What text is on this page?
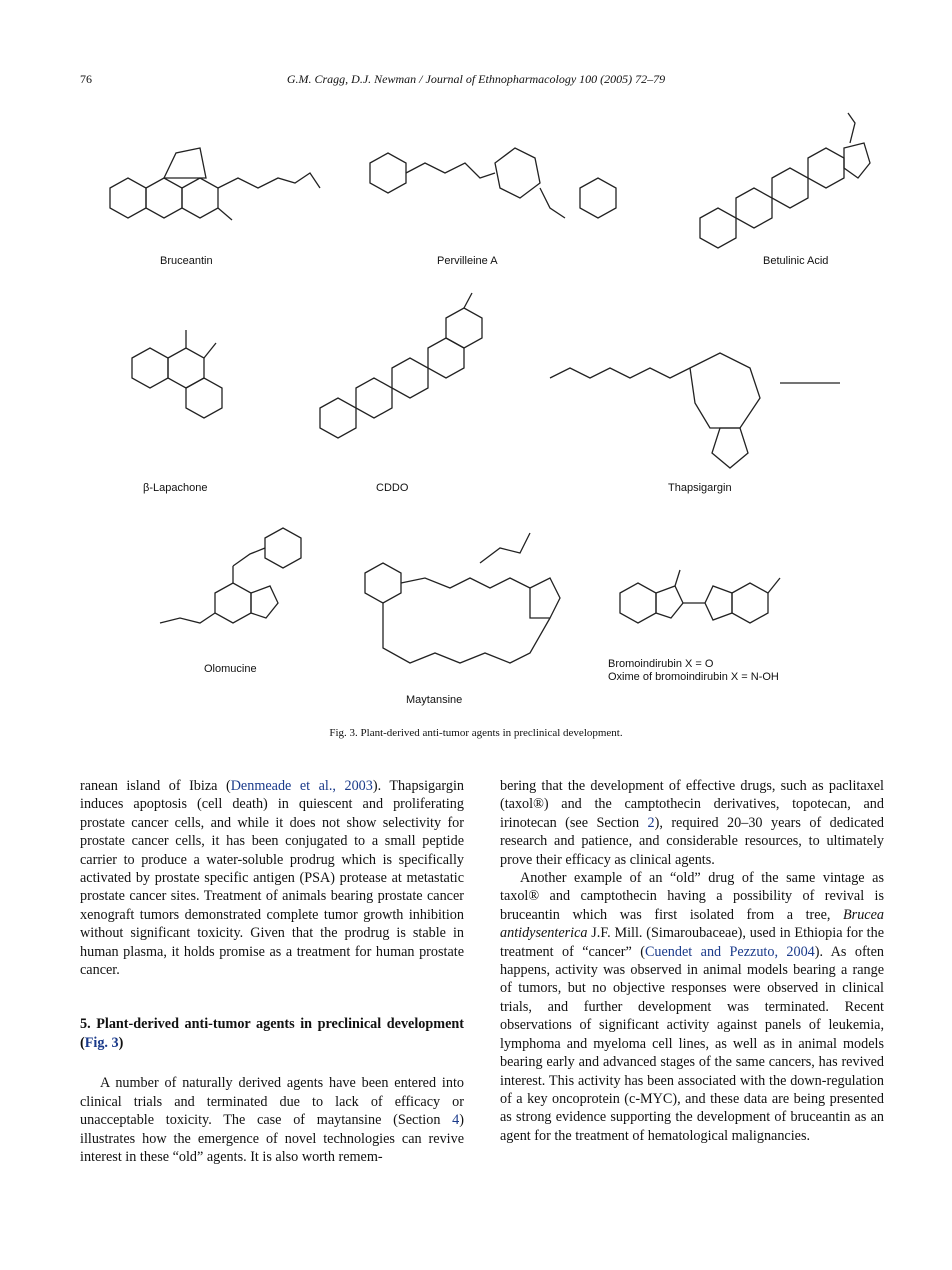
76	G.M. Cragg, D.J. Newman / Journal of Ethnopharmacology 100 (2005) 72–79
Bruceantin	Pervilleine A	Betulinic Acid
β-Lapachone	CDDO	Thapsigargin
Olomucine
Maytansine
Bromoindirubin X = O
Oxime of bromoindirubin X = N-OH
Fig. 3. Plant-derived anti-tumor agents in preclinical development.

ranean island of Ibiza (Denmeade et al., 2003). Thapsigargin induces apoptosis (cell death) in quiescent and proliferating prostate cancer cells, and while it does not show selectivity for prostate cancer cells, it has been conjugated to a small peptide carrier to produce a water-soluble prodrug which is specifically activated by prostate specific antigen (PSA) protease at metastatic prostate cancer sites. Treatment of animals bearing prostate cancer xenograft tumors demonstrated complete tumor growth inhibition without significant toxicity. Given that the prodrug is stable in human plasma, it holds promise as a treatment for human prostate cancer.

5. Plant-derived anti-tumor agents in preclinical development (Fig. 3)

A number of naturally derived agents have been entered into clinical trials and terminated due to lack of efficacy or unacceptable toxicity. The case of maytansine (Section 4) illustrates how the emergence of novel technologies can revive interest in these “old” agents. It is also worth remem-

bering that the development of effective drugs, such as paclitaxel (taxol®) and the camptothecin derivatives, topotecan, and irinotecan (see Section 2), required 20–30 years of dedicated research and patience, and considerable resources, to ultimately prove their efficacy as clinical agents.

Another example of an “old” drug of the same vintage as taxol® and camptothecin having a possibility of revival is bruceantin which was first isolated from a tree, Brucea antidysenterica J.F. Mill. (Simaroubaceae), used in Ethiopia for the treatment of “cancer” (Cuendet and Pezzuto, 2004). As often happens, activity was observed in animal models bearing a range of tumors, but no objective responses were observed in clinical trials, and further development was terminated. Recent observations of significant activity against panels of leukemia, lymphoma and myeloma cell lines, as well as in animal models bearing early and advanced stages of the same cancers, has revived interest. This activity has been associated with the down-regulation of a key oncoprotein (c-MYC), and these data are being presented as strong evidence supporting the development of bruceantin as an agent for the treatment of hematological malignancies.
